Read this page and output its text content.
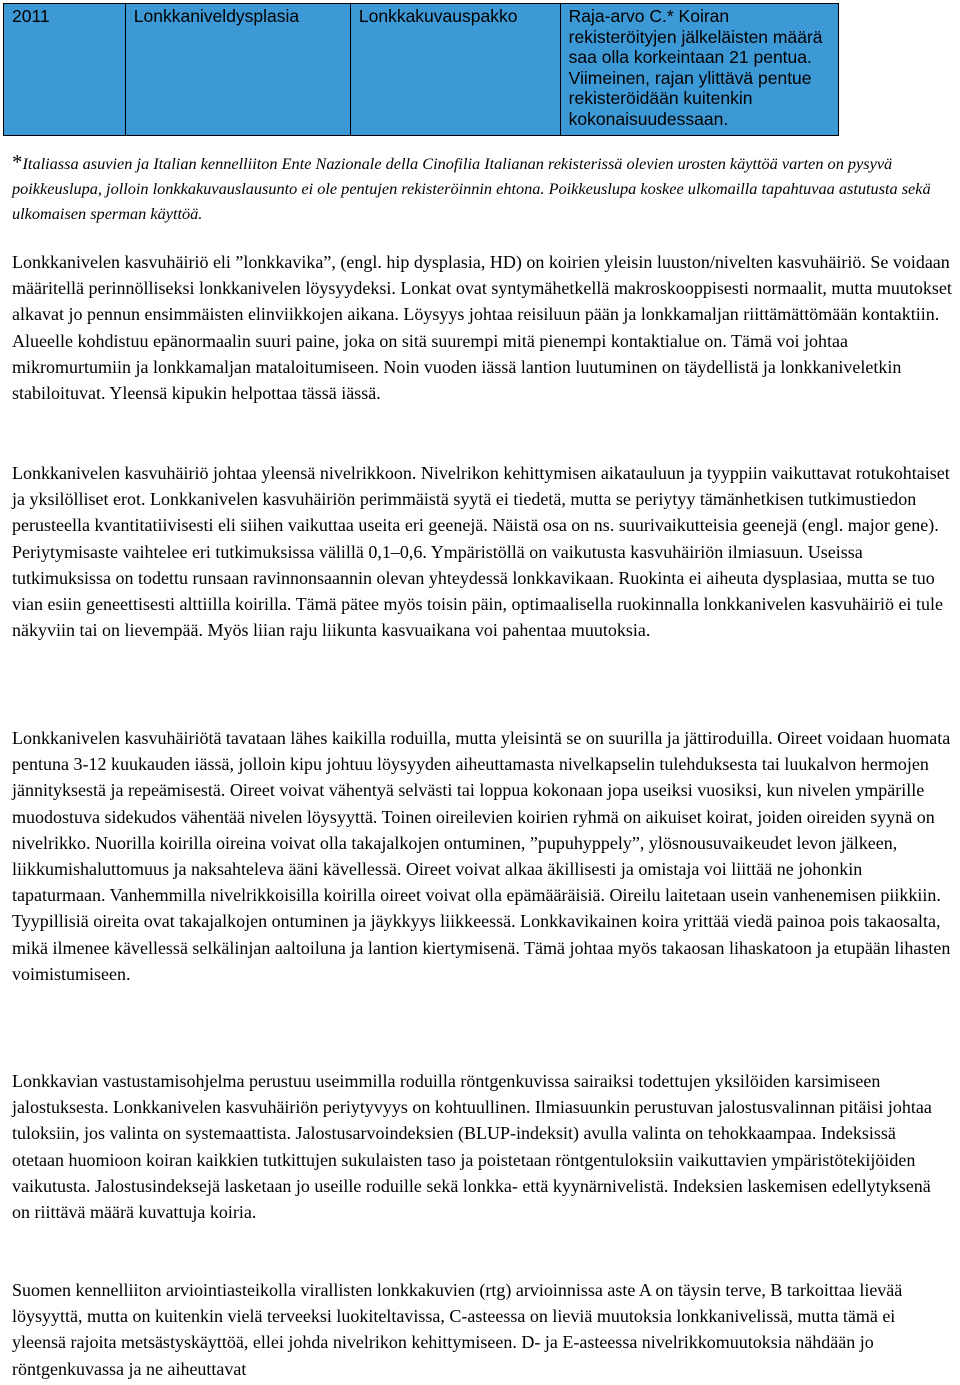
2011	Lonkkaniveldysplasia	Lonkkakuvauspakko	Raja-arvo C.* Koiran rekisteröityjen jälkeläisten määrä saa olla korkeintaan 21 pentua. Viimeinen, rajan ylittävä pentue rekisteröidään kuitenkin kokonaisuudessaan.
*Italiassa asuvien ja Italian kennelliiton Ente Nazionale della Cinofilia Italianan rekisterissä olevien urosten käyttöä varten on pysyvä poikkeuslupa, jolloin lonkkakuvauslausunto ei ole pentujen rekisteröinnin ehtona. Poikkeuslupa koskee ulkomailla tapahtuvaa astutusta sekä ulkomaisen sperman käyttöä.

Lonkkanivelen kasvuhäiriö eli ”lonkkavika”, (engl. hip dysplasia, HD) on koirien yleisin luuston/nivelten kasvuhäiriö. Se voidaan määritellä perinnölliseksi lonkkanivelen löysyydeksi. Lonkat ovat syntymähetkellä makroskooppisesti normaalit, mutta muutokset alkavat jo pennun ensimmäisten elinviikkojen aikana. Löysyys johtaa reisiluun pään ja lonkkamaljan riittämättömään kontaktiin. Alueelle kohdistuu epänormaalin suuri paine, joka on sitä suurempi mitä pienempi kontaktialue on. Tämä voi johtaa mikromurtumiin ja lonkkamaljan mataloitumiseen. Noin vuoden iässä lantion luutuminen on täydellistä ja lonkkaniveletkin stabiloituvat. Yleensä kipukin helpottaa tässä iässä.

Lonkkanivelen kasvuhäiriö johtaa yleensä nivelrikkoon. Nivelrikon kehittymisen aikatauluun ja tyyppiin vaikuttavat rotukohtaiset ja yksilölliset erot. Lonkkanivelen kasvuhäiriön perimmäistä syytä ei tiedetä, mutta se periytyy tämänhetkisen tutkimustiedon perusteella kvantitatiivisesti eli siihen vaikuttaa useita eri geenejä. Näistä osa on ns. suurivaikutteisia geenejä (engl. major gene). Periytymisaste vaihtelee eri tutkimuksissa välillä 0,1–0,6. Ympäristöllä on vaikutusta kasvuhäiriön ilmiasuun. Useissa tutkimuksissa on todettu runsaan ravinnonsaannin olevan yhteydessä lonkkavikaan. Ruokinta ei aiheuta dysplasiaa, mutta se tuo vian esiin geneettisesti alttiilla koirilla. Tämä pätee myös toisin päin, optimaalisella ruokinnalla lonkkanivelen kasvuhäiriö ei tule näkyviin tai on lievempää. Myös liian raju liikunta kasvuaikana voi pahentaa muutoksia.

Lonkkanivelen kasvuhäiriötä tavataan lähes kaikilla roduilla, mutta yleisintä se on suurilla ja jättiroduilla. Oireet voidaan huomata pentuna 3-12 kuukauden iässä, jolloin kipu johtuu löysyyden aiheuttamasta nivelkapselin tulehduksesta tai luukalvon hermojen jännityksestä ja repeämisestä. Oireet voivat vähentyä selvästi tai loppua kokonaan jopa useiksi vuosiksi, kun nivelen ympärille muodostuva sidekudos vähentää nivelen löysyyttä. Toinen oireilevien koirien ryhmä on aikuiset koirat, joiden oireiden syynä on nivelrikko. Nuorilla koirilla oireina voivat olla takajalkojen ontuminen, ”pupuhyppely”, ylösnousuvaikeudet levon jälkeen, liikkumishaluttomuus ja naksahteleva ääni kävellessä. Oireet voivat alkaa äkillisesti ja omistaja voi liittää ne johonkin tapaturmaan. Vanhemmilla nivelrikkoisilla koirilla oireet voivat olla epämääräisiä. Oireilu laitetaan usein vanhenemisen piikkiin. Tyypillisiä oireita ovat takajalkojen ontuminen ja jäykkyys liikkeessä. Lonkkavikainen koira yrittää viedä painoa pois takaosalta, mikä ilmenee kävellessä selkälinjan aaltoiluna ja lantion kiertymisenä. Tämä johtaa myös takaosan lihaskatoon ja etupään lihasten voimistumiseen.

Lonkkavian vastustamisohjelma perustuu useimmilla roduilla röntgenkuvissa sairaiksi todettujen yksilöiden karsimiseen jalostuksesta. Lonkkanivelen kasvuhäiriön periytyvyys on kohtuullinen. Ilmiasuunkin perustuvan jalostusvalinnan pitäisi johtaa tuloksiin, jos valinta on systemaattista. Jalostusarvoindeksien (BLUP-indeksit) avulla valinta on tehokkaampaa. Indeksissä otetaan huomioon koiran kaikkien tutkittujen sukulaisten taso ja poistetaan röntgentuloksiin vaikuttavien ympäristötekijöiden vaikutusta. Jalostusindeksejä lasketaan jo useille roduille sekä lonkka- että kyynärnivelistä. Indeksien laskemisen edellytyksenä on riittävä määrä kuvattuja koiria.

Suomen kennelliiton arviointiasteikolla virallisten lonkkakuvien (rtg) arvioinnissa aste A on täysin terve, B tarkoittaa lievää löysyyttä, mutta on kuitenkin vielä terveeksi luokiteltavissa, C-asteessa on lieviä muutoksia lonkkanivelissä, mutta tämä ei yleensä rajoita metsästyskäyttöä, ellei johda nivelrikon kehittymiseen. D- ja E-asteessa nivelrikkomuutoksia nähdään jo röntgenkuvassa ja ne aiheuttavat
